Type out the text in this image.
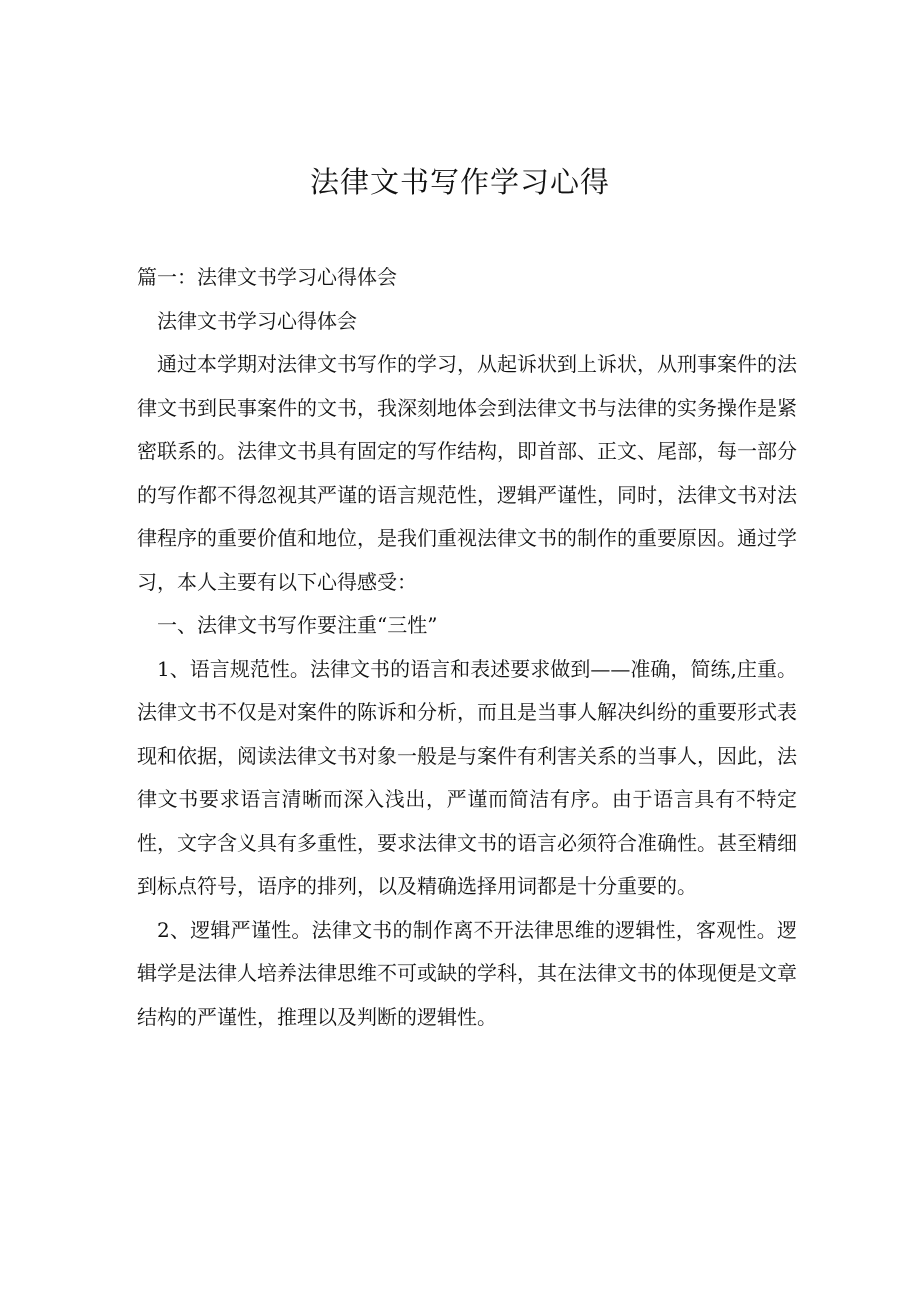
法律文书写作学习心得

篇一：法律文书学习心得体会

法律文书学习心得体会

通过本学期对法律文书写作的学习，从起诉状到上诉状，从刑事案件的法律文书到民事案件的文书，我深刻地体会到法律文书与法律的实务操作是紧密联系的。法律文书具有固定的写作结构，即首部、正文、尾部，每一部分的写作都不得忽视其严谨的语言规范性，逻辑严谨性，同时，法律文书对法律程序的重要价值和地位，是我们重视法律文书的制作的重要原因。通过学习，本人主要有以下心得感受：

一、法律文书写作要注重“三性”

1、语言规范性。法律文书的语言和表述要求做到——准确，简练,庄重。法律文书不仅是对案件的陈诉和分析，而且是当事人解决纠纷的重要形式表现和依据，阅读法律文书对象一般是与案件有利害关系的当事人，因此，法律文书要求语言清晰而深入浅出，严谨而简洁有序。由于语言具有不特定性，文字含义具有多重性，要求法律文书的语言必须符合准确性。甚至精细到标点符号，语序的排列，以及精确选择用词都是十分重要的。

2、逻辑严谨性。法律文书的制作离不开法律思维的逻辑性，客观性。逻辑学是法律人培养法律思维不可或缺的学科，其在法律文书的体现便是文章结构的严谨性，推理以及判断的逻辑性。
